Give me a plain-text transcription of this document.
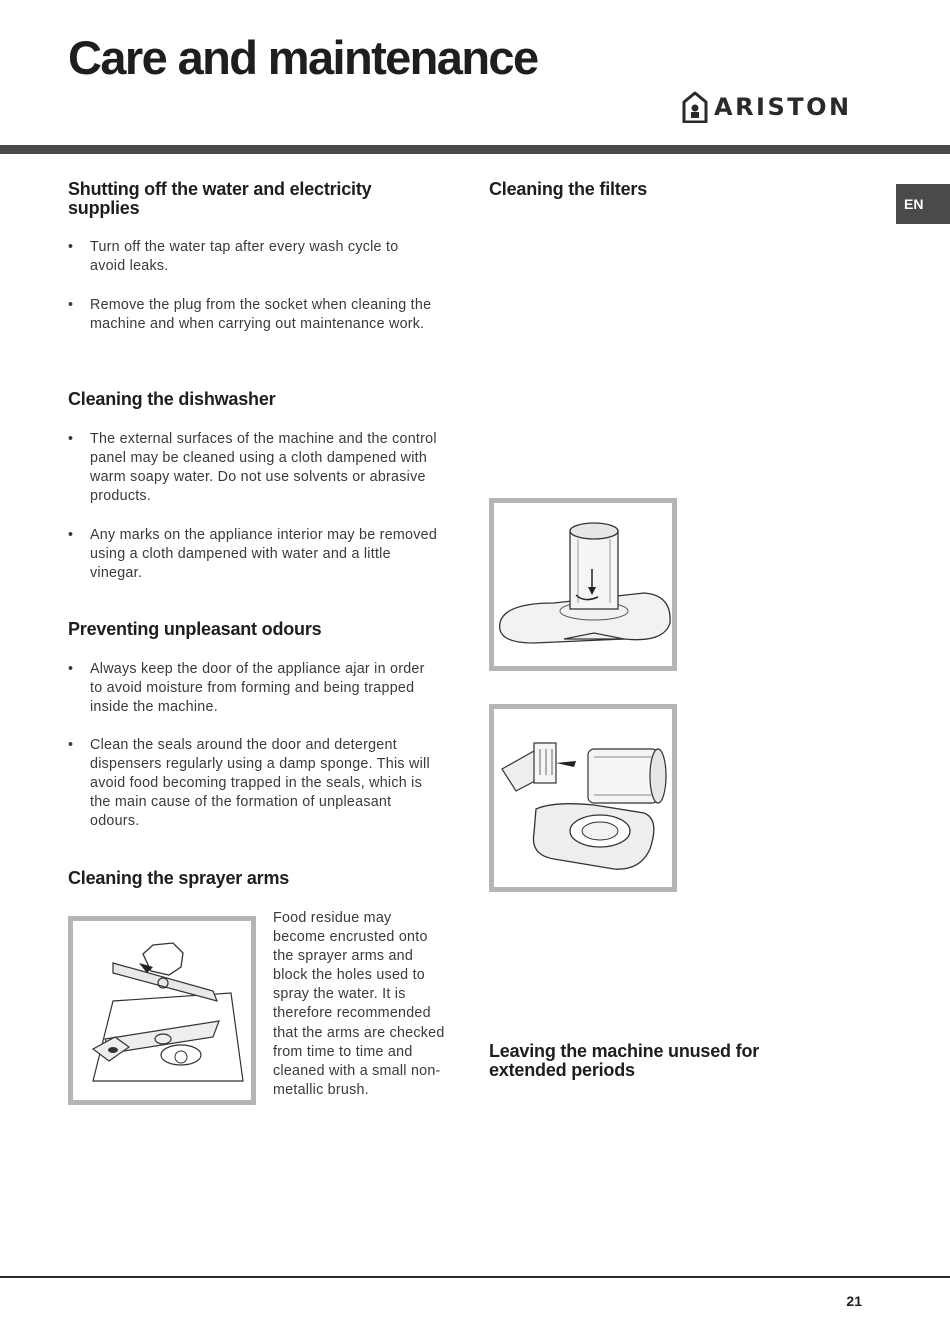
Care and maintenance
ARISTON
EN
Shutting off the water and electricity supplies

• Turn off the water tap after every wash cycle to avoid leaks.

• Remove the plug from the socket when cleaning the machine and when carrying out maintenance work.

Cleaning the dishwasher

• The external surfaces of the machine and the control panel may be cleaned using a cloth dampened with warm soapy water. Do not use solvents or abrasive products.

• Any marks on the appliance interior may be removed using a cloth dampened with water and a little vinegar.

Preventing unpleasant odours

• Always keep the door of the appliance ajar in order to avoid moisture from forming and being trapped inside the machine.

• Clean the seals around the door and detergent dispensers regularly using a damp sponge. This will avoid food becoming trapped in the seals, which is the main cause of the formation of unpleasant odours.

Cleaning the sprayer arms

Food residue may become encrusted onto the sprayer arms and block the holes used to spray the water. It is therefore recommended that the arms are checked from time to time and cleaned with a small non-metallic brush.

Cleaning the filters
Leaving the machine unused for extended periods
21
